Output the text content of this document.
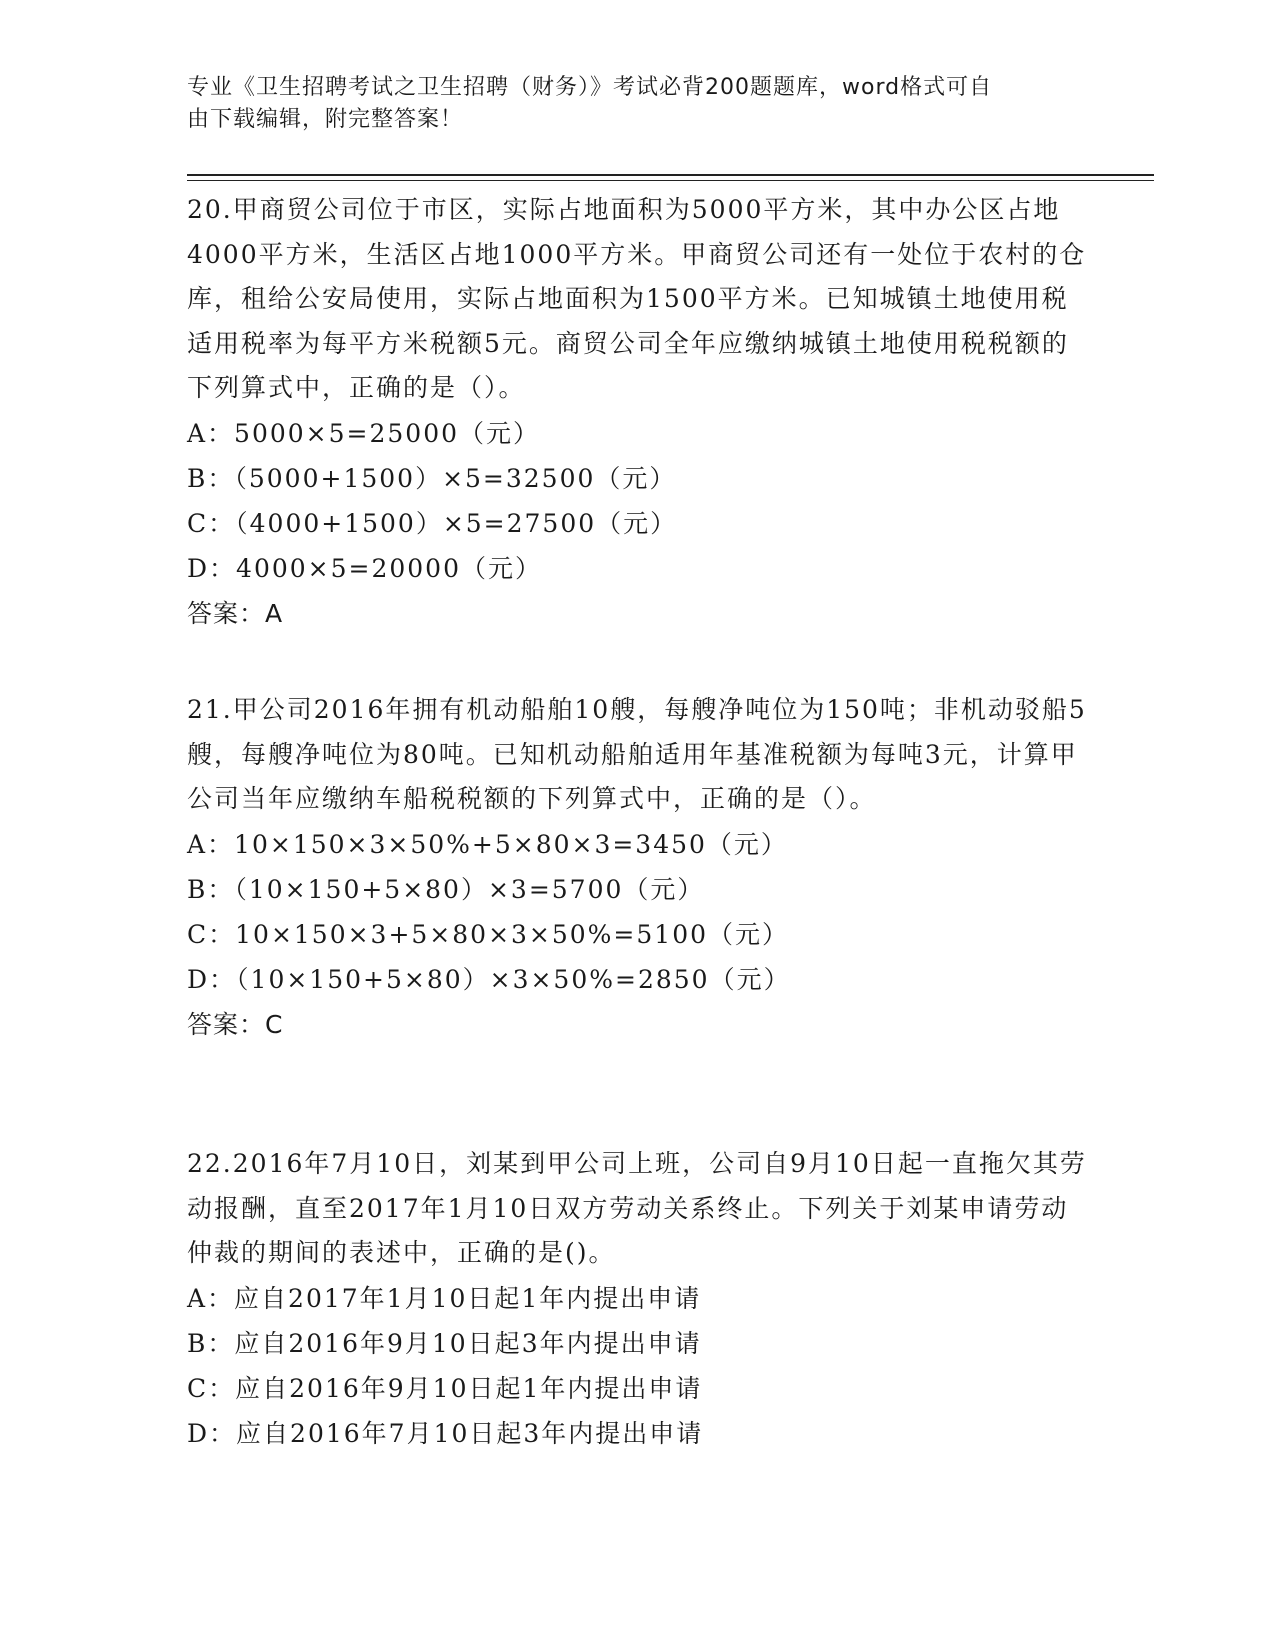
专业《卫生招聘考试之卫生招聘（财务）》考试必背200题题库，word格式可自
由下载编辑，附完整答案！

20.甲商贸公司位于市区，实际占地面积为5000平方米，其中办公区占地4000平方米，生活区占地1000平方米。甲商贸公司还有一处位于农村的仓库，租给公安局使用，实际占地面积为1500平方米。已知城镇土地使用税适用税率为每平方米税额5元。商贸公司全年应缴纳城镇土地使用税税额的下列算式中，正确的是（）。

A：5000×5=25000（元）

B：（5000+1500）×5=32500（元）

C：（4000+1500）×5=27500（元）

D：4000×5=20000（元）

答案：A

21.甲公司2016年拥有机动船舶10艘，每艘净吨位为150吨；非机动驳船5艘，每艘净吨位为80吨。已知机动船舶适用年基准税额为每吨3元，计算甲公司当年应缴纳车船税税额的下列算式中，正确的是（）。

A：10×150×3×50%+5×80×3=3450（元）

B：（10×150+5×80）×3=5700（元）

C：10×150×3+5×80×3×50%=5100（元）

D：（10×150+5×80）×3×50%=2850（元）

答案：C

22.2016年7月10日，刘某到甲公司上班，公司自9月10日起一直拖欠其劳动报酬，直至2017年1月10日双方劳动关系终止。下列关于刘某申请劳动仲裁的期间的表述中，正确的是()。

A：应自2017年1月10日起1年内提出申请

B：应自2016年9月10日起3年内提出申请

C：应自2016年9月10日起1年内提出申请

D：应自2016年7月10日起3年内提出申请
